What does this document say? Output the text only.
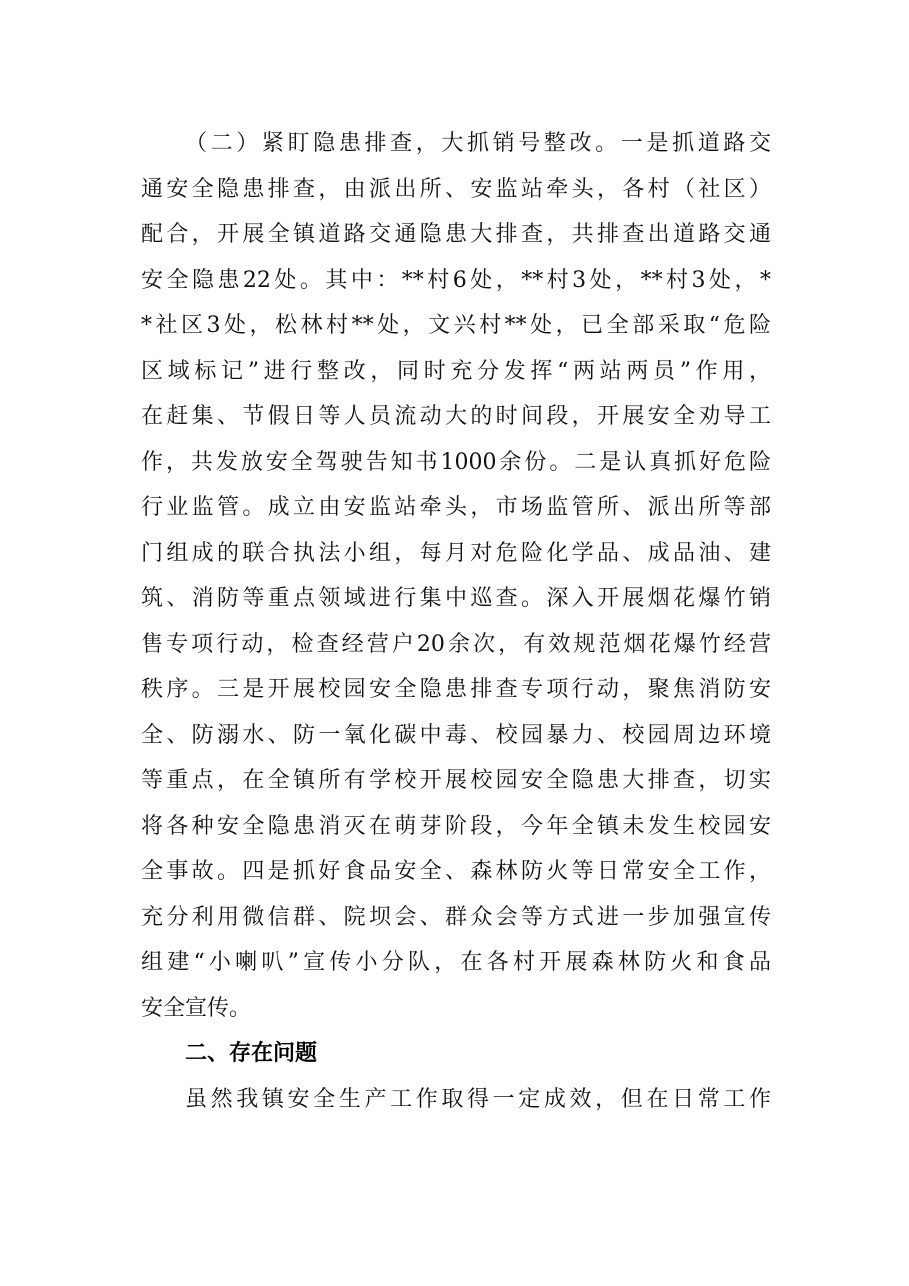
（二）紧盯隐患排查，大抓销号整改。一是抓道路交
通安全隐患排查，由派出所、安监站牵头，各村（社区）
配合，开展全镇道路交通隐患大排查，共排查出道路交通
安全隐患22处。其中：**村6处，**村3处，**村3处，*
*社区3处，松林村**处，文兴村**处，已全部采取“危险
区域标记”进行整改，同时充分发挥“两站两员”作用，
在赶集、节假日等人员流动大的时间段，开展安全劝导工
作，共发放安全驾驶告知书1000余份。二是认真抓好危险
行业监管。成立由安监站牵头，市场监管所、派出所等部
门组成的联合执法小组，每月对危险化学品、成品油、建
筑、消防等重点领域进行集中巡查。深入开展烟花爆竹销
售专项行动，检查经营户20余次，有效规范烟花爆竹经营
秩序。三是开展校园安全隐患排查专项行动，聚焦消防安
全、防溺水、防一氧化碳中毒、校园暴力、校园周边环境
等重点，在全镇所有学校开展校园安全隐患大排查，切实
将各种安全隐患消灭在萌芽阶段，今年全镇未发生校园安
全事故。四是抓好食品安全、森林防火等日常安全工作，
充分利用微信群、院坝会、群众会等方式进一步加强宣传
组建“小喇叭”宣传小分队，在各村开展森林防火和食品
安全宣传。
二、存在问题
虽然我镇安全生产工作取得一定成效，但在日常工作
